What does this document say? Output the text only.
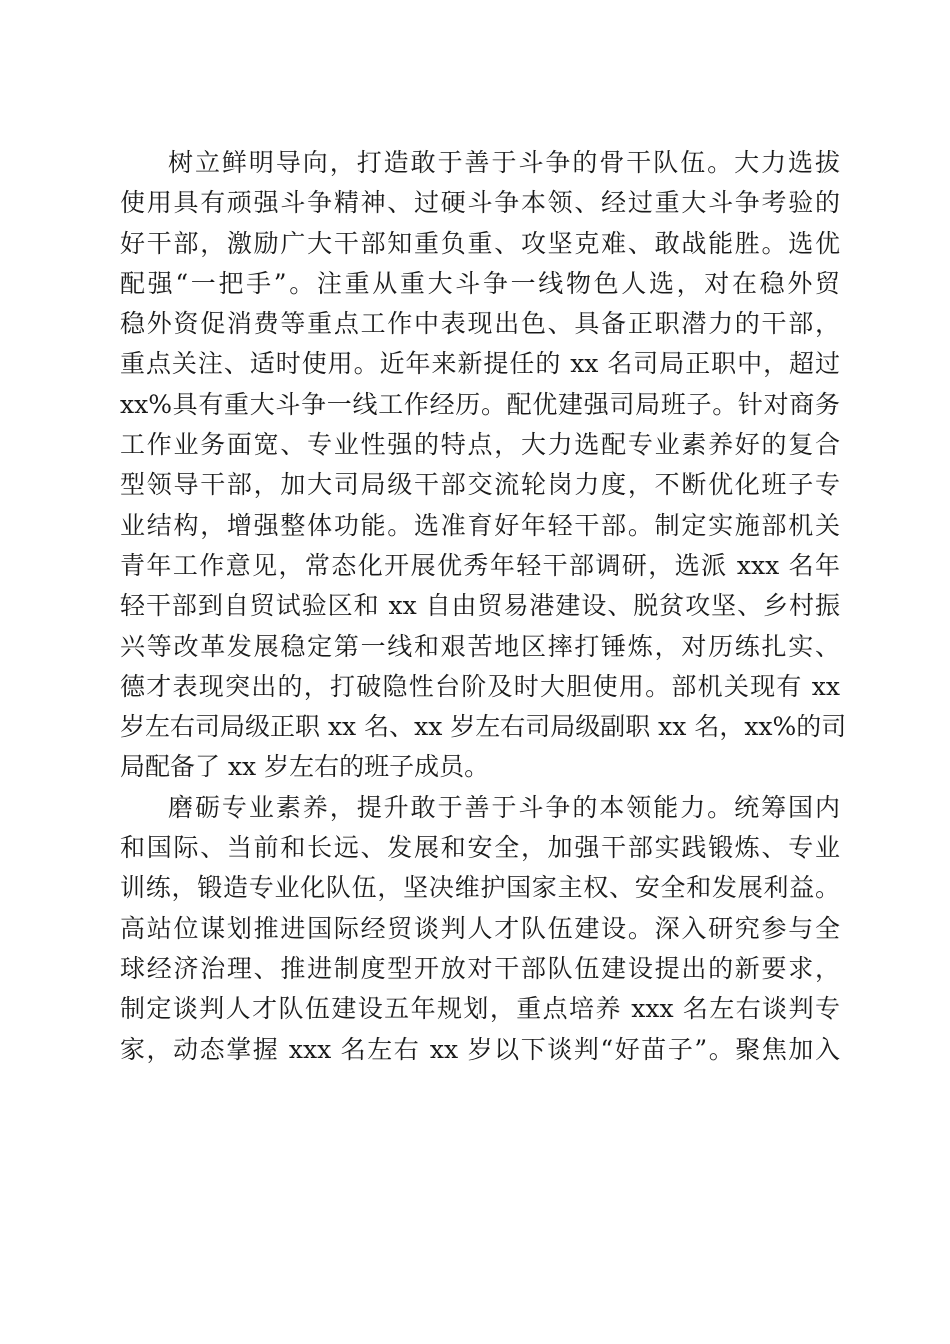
树立鲜明导向，打造敢于善于斗争的骨干队伍。大力选拔
使用具有顽强斗争精神、过硬斗争本领、经过重大斗争考验的
好干部，激励广大干部知重负重、攻坚克难、敢战能胜。选优
配强“一把手”。注重从重大斗争一线物色人选，对在稳外贸
稳外资促消费等重点工作中表现出色、具备正职潜力的干部，
重点关注、适时使用。近年来新提任的 xx 名司局正职中，超过
xx%具有重大斗争一线工作经历。配优建强司局班子。针对商务
工作业务面宽、专业性强的特点，大力选配专业素养好的复合
型领导干部，加大司局级干部交流轮岗力度，不断优化班子专
业结构，增强整体功能。选准育好年轻干部。制定实施部机关
青年工作意见，常态化开展优秀年轻干部调研，选派 xxx 名年
轻干部到自贸试验区和 xx 自由贸易港建设、脱贫攻坚、乡村振
兴等改革发展稳定第一线和艰苦地区摔打锤炼，对历练扎实、
德才表现突出的，打破隐性台阶及时大胆使用。部机关现有 xx
岁左右司局级正职 xx 名、xx 岁左右司局级副职 xx 名，xx%的司
局配备了 xx 岁左右的班子成员。
磨砺专业素养，提升敢于善于斗争的本领能力。统筹国内
和国际、当前和长远、发展和安全，加强干部实践锻炼、专业
训练，锻造专业化队伍，坚决维护国家主权、安全和发展利益。
高站位谋划推进国际经贸谈判人才队伍建设。深入研究参与全
球经济治理、推进制度型开放对干部队伍建设提出的新要求，
制定谈判人才队伍建设五年规划，重点培养 xxx 名左右谈判专
家，动态掌握 xxx 名左右 xx 岁以下谈判“好苗子”。聚焦加入
